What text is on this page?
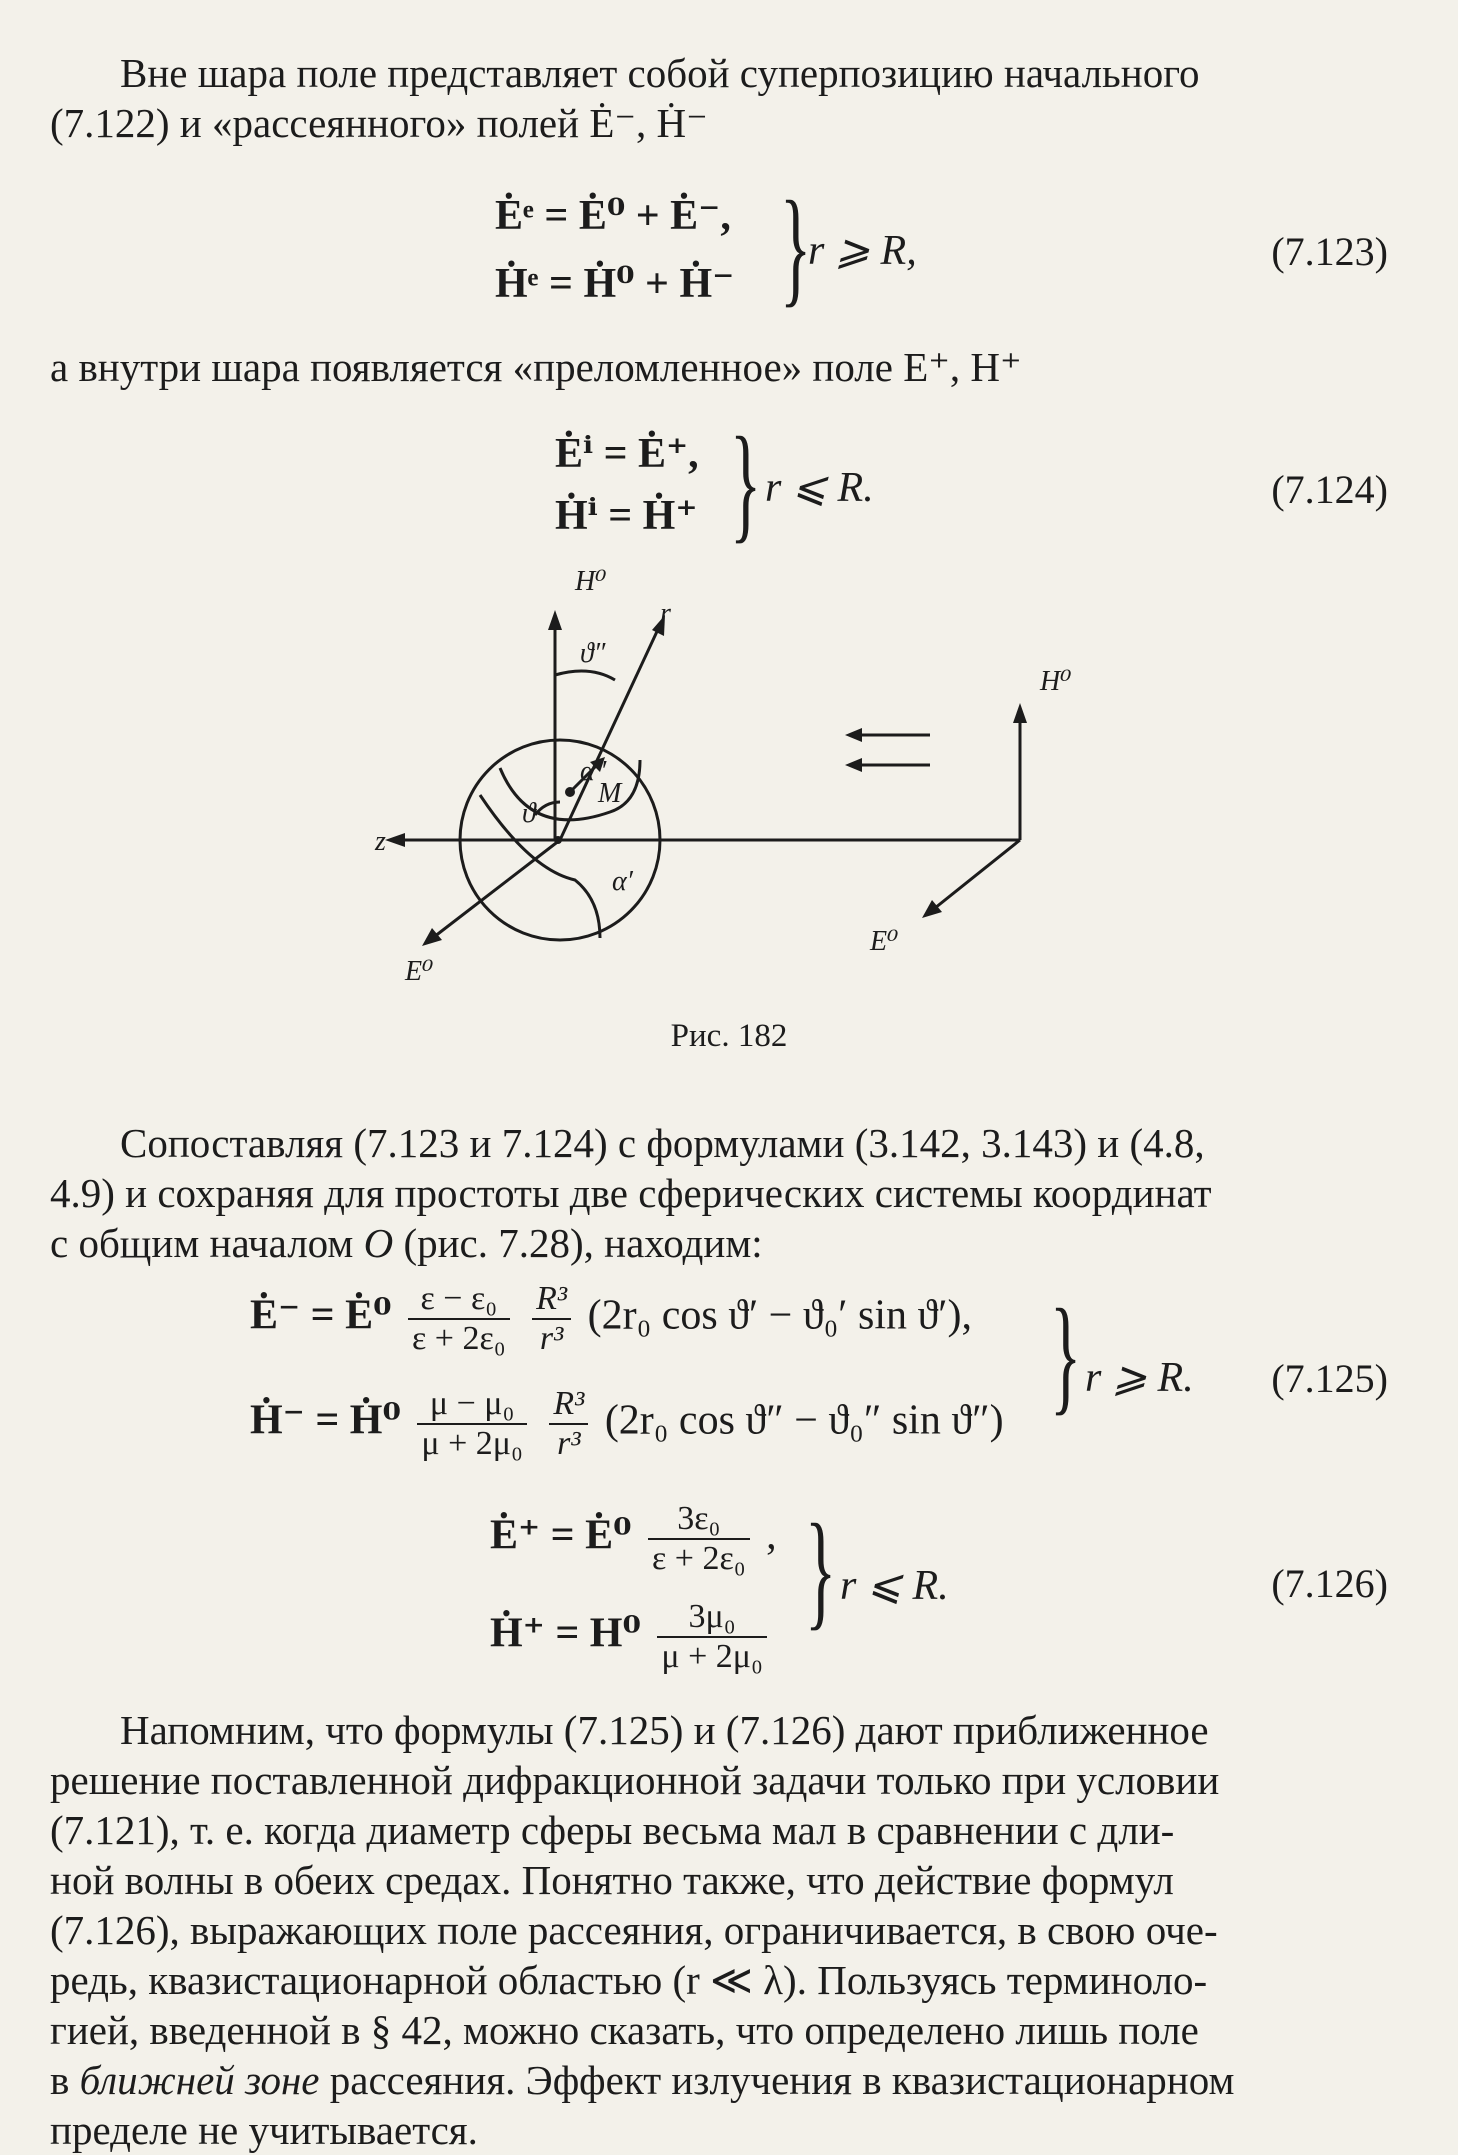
Вне шара поле представляет собой суперпозицию начального
(7.122) и «рассеянного» полей Ė⁻, Ḣ⁻
Ėᵉ = Ė⁰ + Ė⁻,
Ḣᵉ = Ḣ⁰ + Ḣ⁻ }
r ⩾ R,	(7.123)
а внутри шара появляется «преломленное» поле E⁺, H⁺
Ėⁱ = Ė⁺,
Ḣⁱ = Ḣ⁺ } r ⩽ R.	(7.124)
H⁰
r
ϑ″
H⁰
α″
M
ϑ
z
α′
E⁰
E⁰
Рис. 182
Сопоставляя (7.123 и 7.124) с формулами (3.142, 3.143) и (4.8,
4.9) и сохраняя для простоты две сферических системы координат
с общим началом O (рис. 7.28), находим:
Ė⁻ = Ė⁰ $\frac{\text{ε − ε₀}}{\text{ε + 2ε₀}}$
$\frac{\text{R³}}{\text{r³}} (2r_0$ cos ϑ′ − ϑ₀′ sin ϑ′),
Ḣ⁻ = Ḣ⁰ $\frac{\text{μ − μ₀}}{\text{μ + 2μ₀}}$
$\frac{\text{R³}}{\text{r³}} (2r_0$ cos ϑ″ − ϑ₀″ sin ϑ″) } r ⩾ R. (7.125)
Ė⁺ = Ė⁰ $\frac{\text{3ε₀}}{\text{ε + 2ε₀}}$ ,
Ḣ⁺ = $H^0 \frac{\text{3μ₀}}{\text{μ + 2μ₀}}$ } r ⩽ R.	(7.126)
Напомним, что формулы (7.125) и (7.126) дают приближенное
решение поставленной дифракционной задачи только при условии
(7.121), т. е. когда диаметр сферы весьма мал в сравнении с дли-
ной волны в обеих средах. Понятно также, что действие формул
(7.126), выражающих поле рассеяния, ограничивается, в свою оче-
редь, квазистационарной областью (r ≪ λ). Пользуясь терминоло-
гией, введенной в § 42, можно сказать, что определено лишь поле
в ближней зоне рассеяния. Эффект излучения в квазистационарном
пределе не учитывается.
